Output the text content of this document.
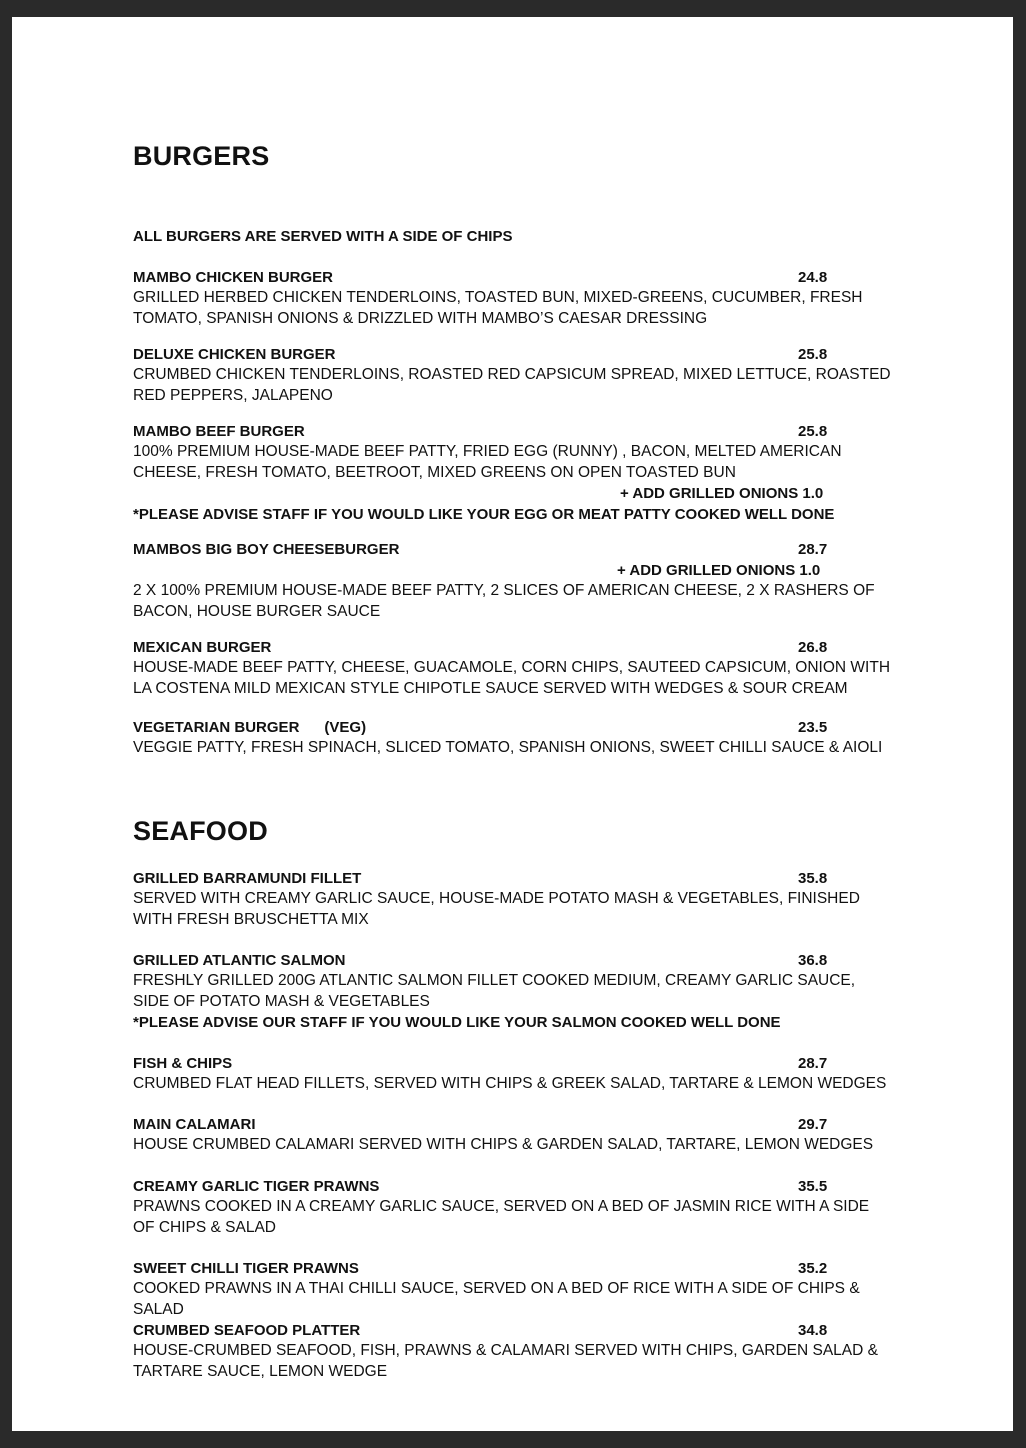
BURGERS
ALL BURGERS ARE SERVED WITH A SIDE OF CHIPS
MAMBO CHICKEN BURGER	24.8
GRILLED HERBED CHICKEN TENDERLOINS, TOASTED BUN, MIXED-GREENS, CUCUMBER, FRESH TOMATO, SPANISH ONIONS & DRIZZLED WITH MAMBO’S CAESAR DRESSING
DELUXE CHICKEN BURGER	25.8
CRUMBED CHICKEN TENDERLOINS, ROASTED RED CAPSICUM SPREAD, MIXED LETTUCE, ROASTED RED PEPPERS, JALAPENO
MAMBO BEEF BURGER	25.8
100% PREMIUM HOUSE-MADE BEEF PATTY, FRIED EGG (RUNNY) , BACON, MELTED AMERICAN CHEESE, FRESH TOMATO, BEETROOT, MIXED GREENS ON OPEN TOASTED BUN
+ ADD GRILLED ONIONS 1.0
*PLEASE ADVISE STAFF IF YOU WOULD LIKE YOUR EGG OR MEAT PATTY COOKED WELL DONE
MAMBOS BIG BOY CHEESEBURGER	28.7
+ ADD GRILLED ONIONS 1.0
2 X 100% PREMIUM HOUSE-MADE BEEF PATTY, 2 SLICES OF AMERICAN CHEESE, 2 X RASHERS OF BACON, HOUSE BURGER SAUCE
MEXICAN BURGER	26.8
HOUSE-MADE BEEF PATTY, CHEESE, GUACAMOLE, CORN CHIPS, SAUTEED CAPSICUM, ONION WITH LA COSTENA MILD MEXICAN STYLE CHIPOTLE SAUCE SERVED WITH WEDGES & SOUR CREAM
VEGETARIAN BURGER      (VEG)	23.5
VEGGIE PATTY, FRESH SPINACH, SLICED TOMATO, SPANISH ONIONS, SWEET CHILLI SAUCE & AIOLI
SEAFOOD
GRILLED BARRAMUNDI FILLET	35.8
SERVED WITH CREAMY GARLIC SAUCE, HOUSE-MADE POTATO MASH & VEGETABLES, FINISHED WITH FRESH BRUSCHETTA MIX
GRILLED ATLANTIC SALMON	36.8
FRESHLY GRILLED 200G ATLANTIC SALMON FILLET COOKED MEDIUM, CREAMY GARLIC SAUCE, SIDE OF POTATO MASH & VEGETABLES
*PLEASE ADVISE OUR STAFF IF YOU WOULD LIKE YOUR SALMON COOKED WELL DONE
FISH & CHIPS	28.7
CRUMBED FLAT HEAD FILLETS, SERVED WITH CHIPS & GREEK SALAD, TARTARE & LEMON WEDGES
MAIN CALAMARI	29.7
HOUSE CRUMBED CALAMARI SERVED WITH CHIPS & GARDEN SALAD, TARTARE, LEMON WEDGES
CREAMY GARLIC TIGER PRAWNS	35.5
PRAWNS COOKED IN A CREAMY GARLIC SAUCE, SERVED ON A BED OF JASMIN RICE WITH A SIDE OF CHIPS & SALAD
SWEET CHILLI TIGER PRAWNS	35.2
COOKED PRAWNS IN A THAI CHILLI SAUCE, SERVED ON A BED OF RICE WITH A SIDE OF CHIPS & SALAD
CRUMBED SEAFOOD PLATTER	34.8
HOUSE-CRUMBED SEAFOOD, FISH, PRAWNS & CALAMARI SERVED WITH CHIPS, GARDEN SALAD & TARTARE SAUCE, LEMON WEDGE
